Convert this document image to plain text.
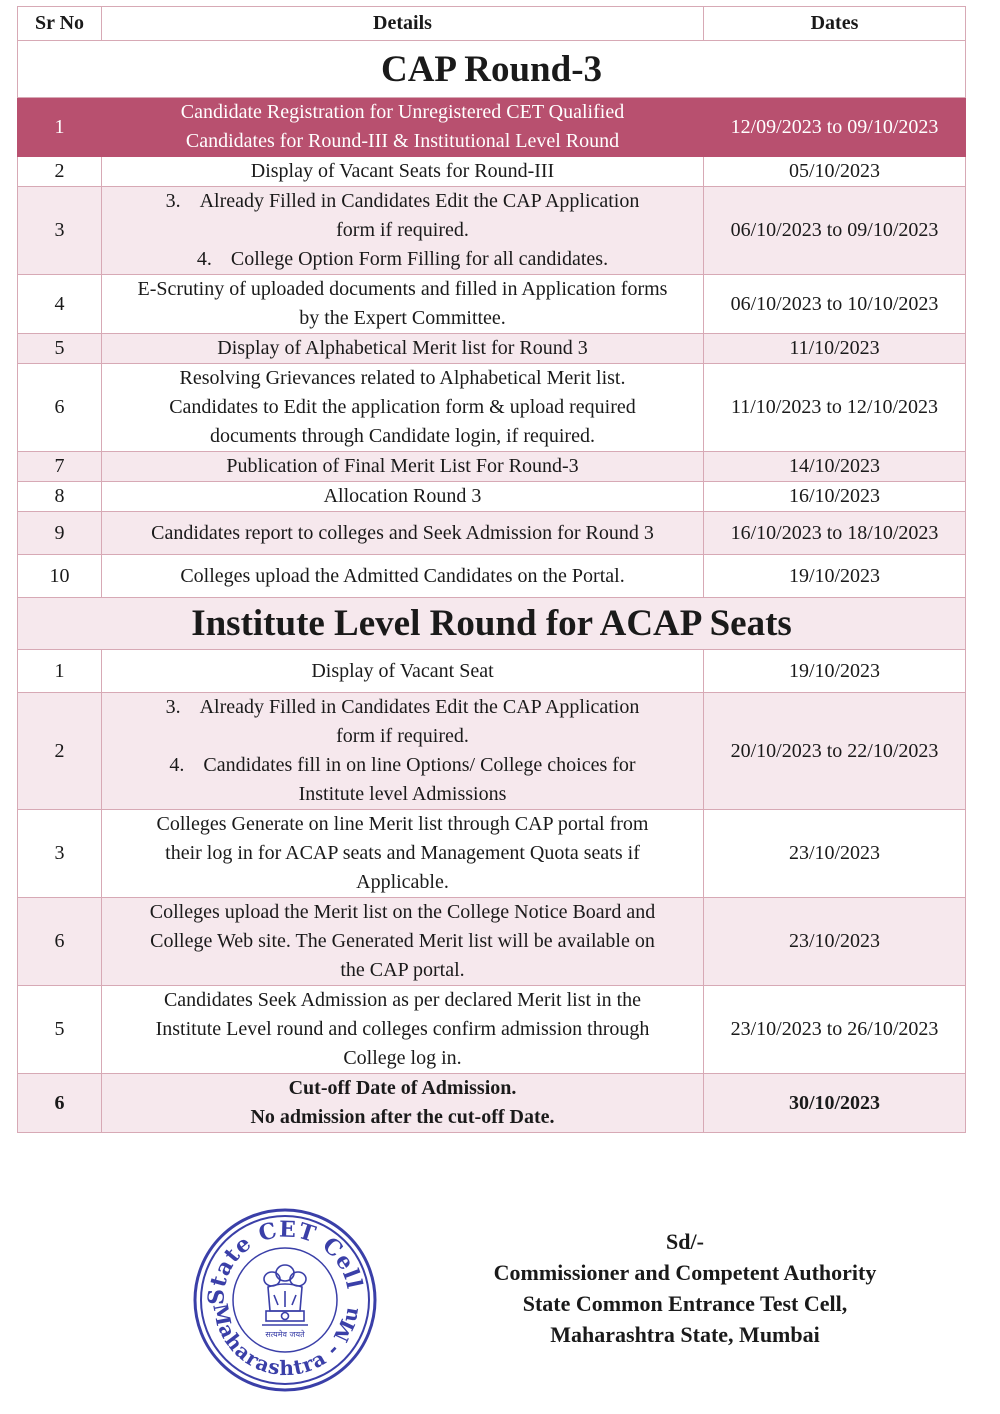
Sr No	Details	Dates
CAP Round-3		
1	Candidate Registration for Unregistered CET Qualified
Candidates for Round-III & Institutional Level Round	12/09/2023 to 09/10/2023
2	Display of Vacant Seats for Round-III	05/10/2023
3	3. Already Filled in Candidates Edit the CAP Application
form if required.
4. College Option Form Filling for all candidates.	06/10/2023 to 09/10/2023
4	E-Scrutiny of uploaded documents and filled in Application forms
by the Expert Committee.	06/10/2023 to 10/10/2023
5	Display of Alphabetical Merit list for Round 3	11/10/2023
6	Resolving Grievances related to Alphabetical Merit list.
Candidates to Edit the application form & upload required
documents through Candidate login, if required.	11/10/2023 to 12/10/2023
7	Publication of Final Merit List For Round-3	14/10/2023
8	Allocation Round 3	16/10/2023
9	Candidates report to colleges and Seek Admission for Round 3	16/10/2023 to 18/10/2023
10	Colleges upload the Admitted Candidates on the Portal.	19/10/2023
Institute Level Round for ACAP Seats		
1	Display of Vacant Seat	19/10/2023
2	3. Already Filled in Candidates Edit the CAP Application
form if required.
4. Candidates fill in on line Options/ College choices for
Institute level Admissions	20/10/2023 to 22/10/2023
3	Colleges Generate on line Merit list through CAP portal from
their log in for ACAP seats and Management Quota seats if
Applicable.	23/10/2023
6	Colleges upload the Merit list on the College Notice Board and
College Web site. The Generated Merit list will be available on
the CAP portal.	23/10/2023
5	Candidates Seek Admission as per declared Merit list in the
Institute Level round and colleges confirm admission through
College log in.	23/10/2023 to 26/10/2023
6	Cut-off Date of Admission.
No admission after the cut-off Date.	30/10/2023
State CET Cell
Maharashtra - Mu
सत्यमेव जयते
Sd/-
Commissioner and Competent Authority
State Common Entrance Test Cell,
Maharashtra State, Mumbai
